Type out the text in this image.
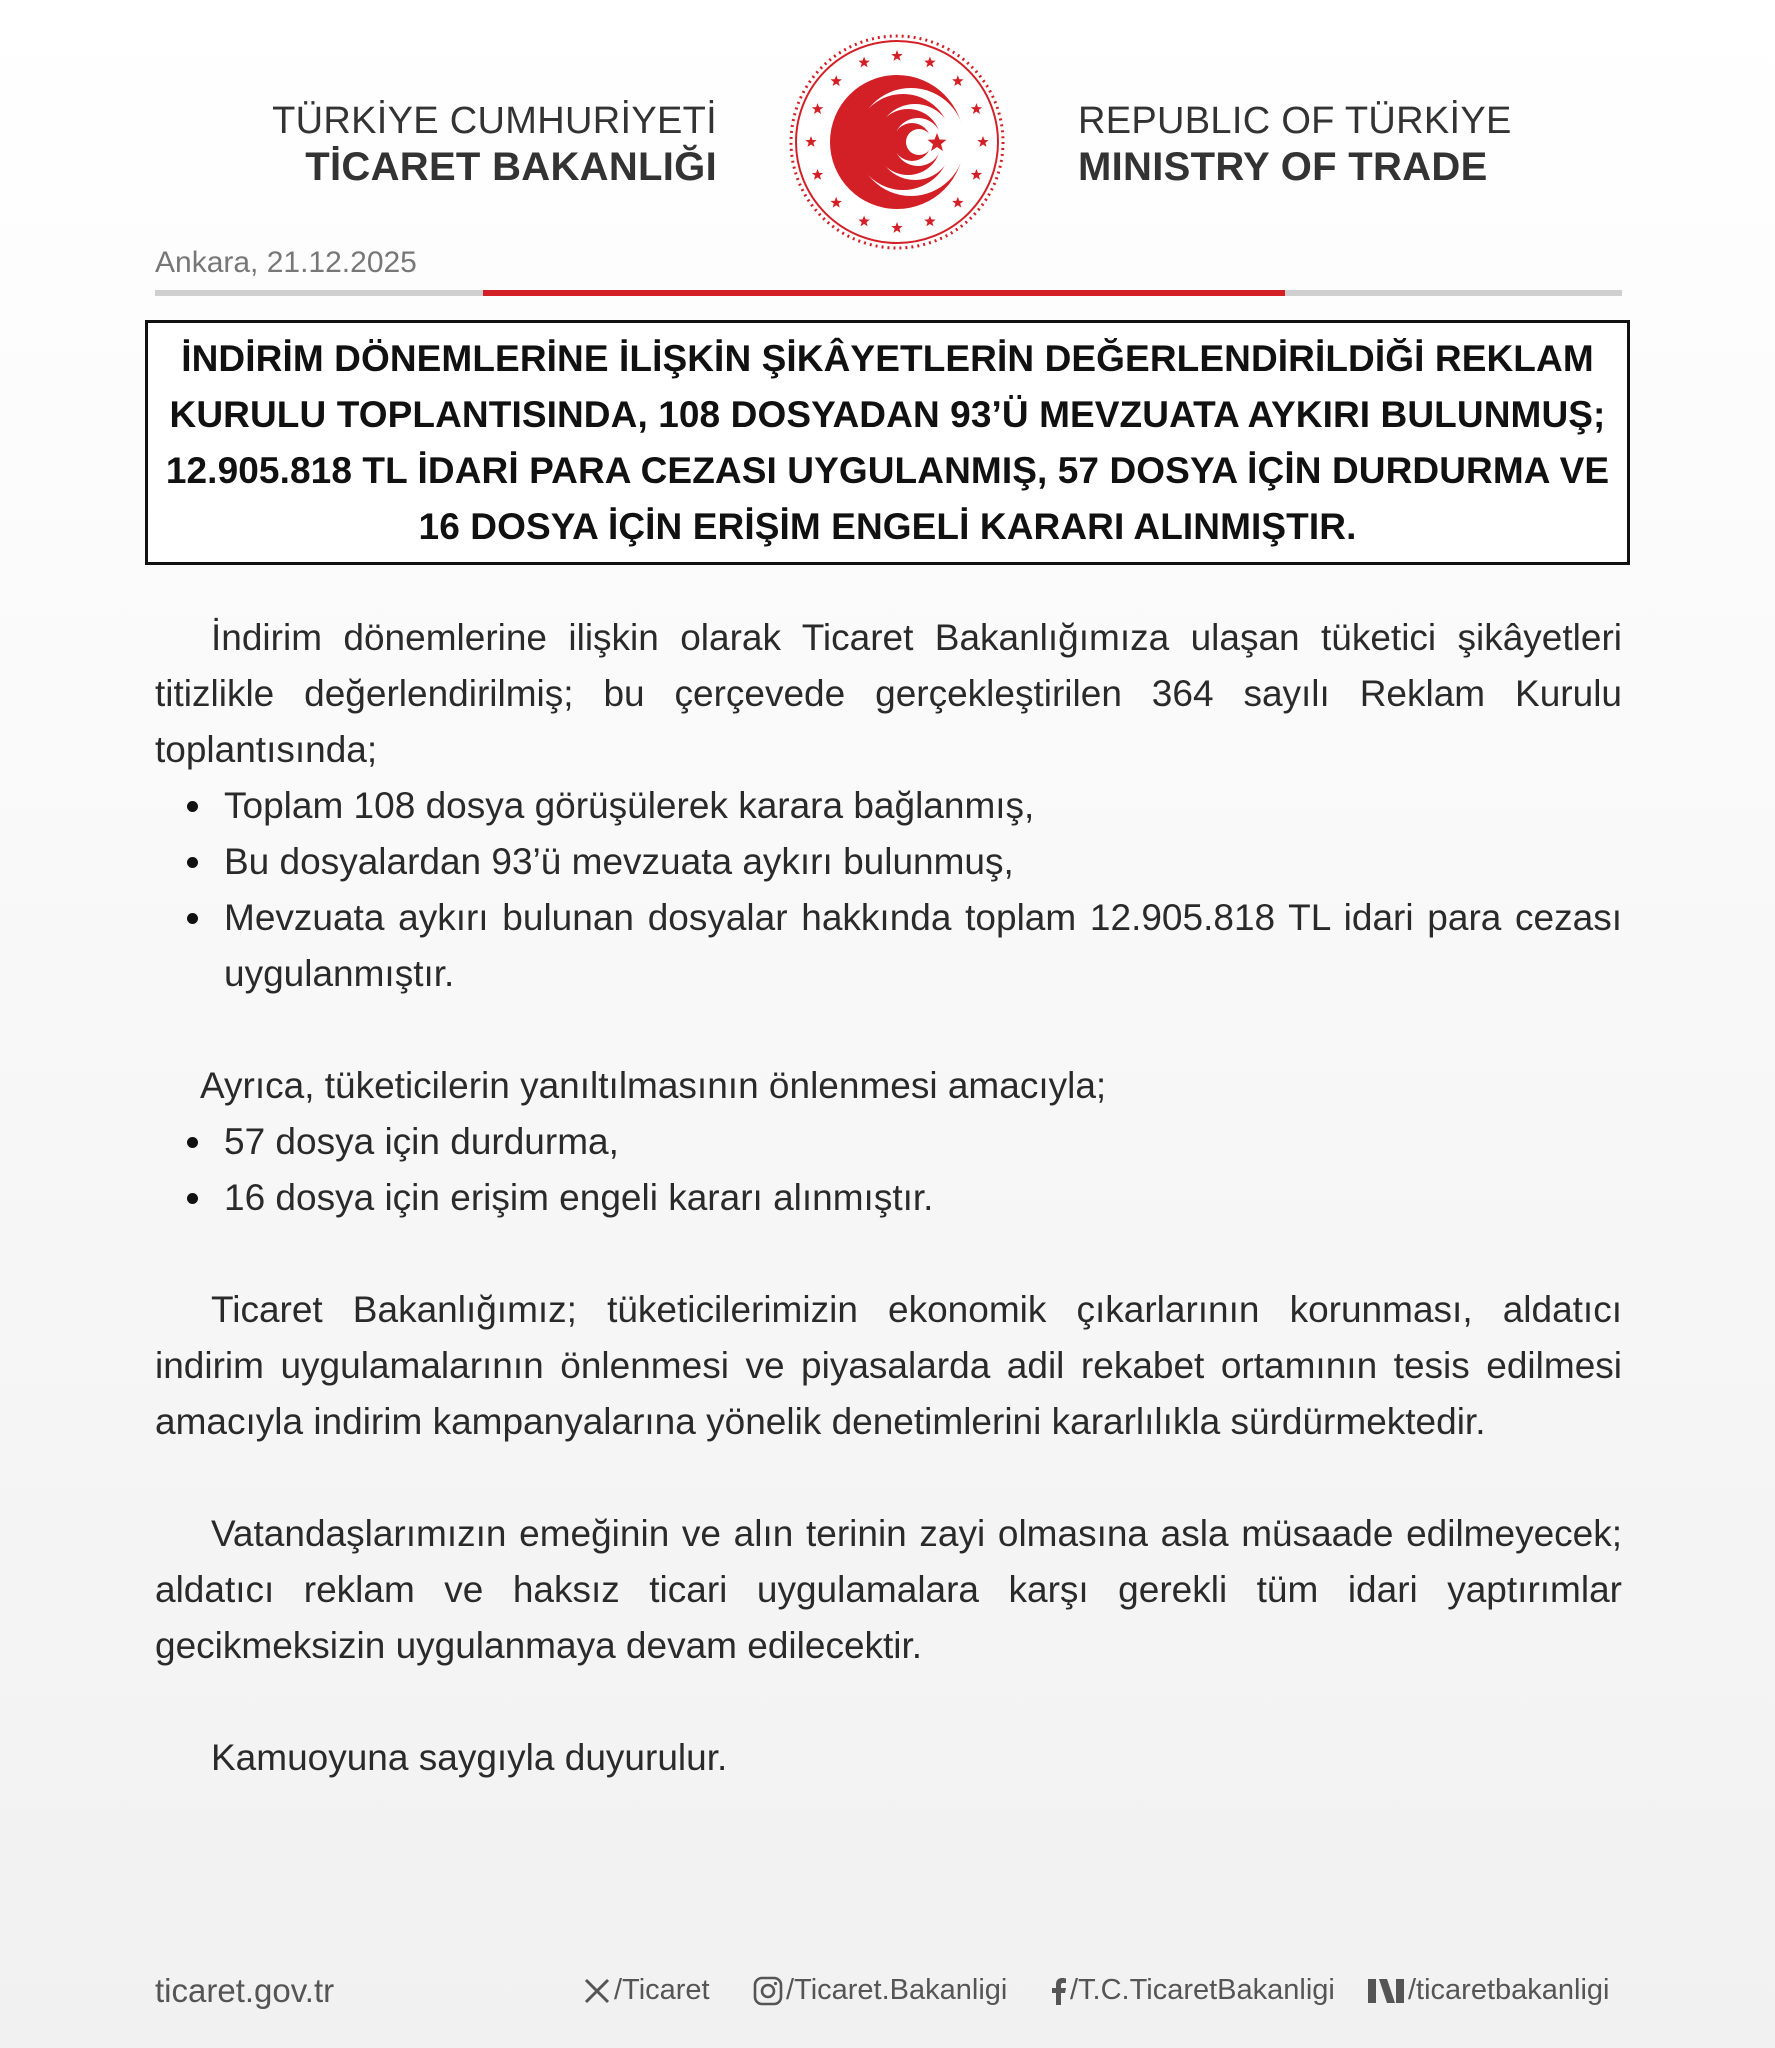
TÜRKİYE CUMHURİYETİ
TİCARET BAKANLIĞI
REPUBLIC OF TÜRKİYE
MINISTRY OF TRADE
Ankara, 21.12.2025
İNDİRİM DÖNEMLERİNE İLİŞKİN ŞİKÂYETLERİN DEĞERLENDİRİLDİĞİ REKLAM KURULU TOPLANTISINDA, 108 DOSYADAN 93’Ü MEVZUATA AYKIRI BULUNMUŞ; 12.905.818 TL İDARİ PARA CEZASI UYGULANMIŞ, 57 DOSYA İÇİN DURDURMA VE 16 DOSYA İÇİN ERİŞİM ENGELİ KARARI ALINMIŞTIR.

İndirim dönemlerine ilişkin olarak Ticaret Bakanlığımıza ulaşan tüketici şikâyetleri titizlikle değerlendirilmiş; bu çerçevede gerçekleştirilen 364 sayılı Reklam Kurulu toplantısında;

Toplam 108 dosya görüşülerek karara bağlanmış,
Bu dosyalardan 93’ü mevzuata aykırı bulunmuş,
Mevzuata aykırı bulunan dosyalar hakkında toplam 12.905.818 TL idari para cezası uygulanmıştır.

Ayrıca, tüketicilerin yanıltılmasının önlenmesi amacıyla;

57 dosya için durdurma,
16 dosya için erişim engeli kararı alınmıştır.

Ticaret Bakanlığımız; tüketicilerimizin ekonomik çıkarlarının korunması, aldatıcı indirim uygulamalarının önlenmesi ve piyasalarda adil rekabet ortamının tesis edilmesi amacıyla indirim kampanyalarına yönelik denetimlerini kararlılıkla sürdürmektedir.

Vatandaşlarımızın emeğinin ve alın terinin zayi olmasına asla müsaade edilmeyecek; aldatıcı reklam ve haksız ticari uygulamalara karşı gerekli tüm idari yaptırımlar gecikmeksizin uygulanmaya devam edilecektir.

Kamuoyuna saygıyla duyurulur.

ticaret.gov.tr	/Ticaret	/Ticaret.Bakanligi /T.C.TicaretBakanligi	/ticaretbakanligi
